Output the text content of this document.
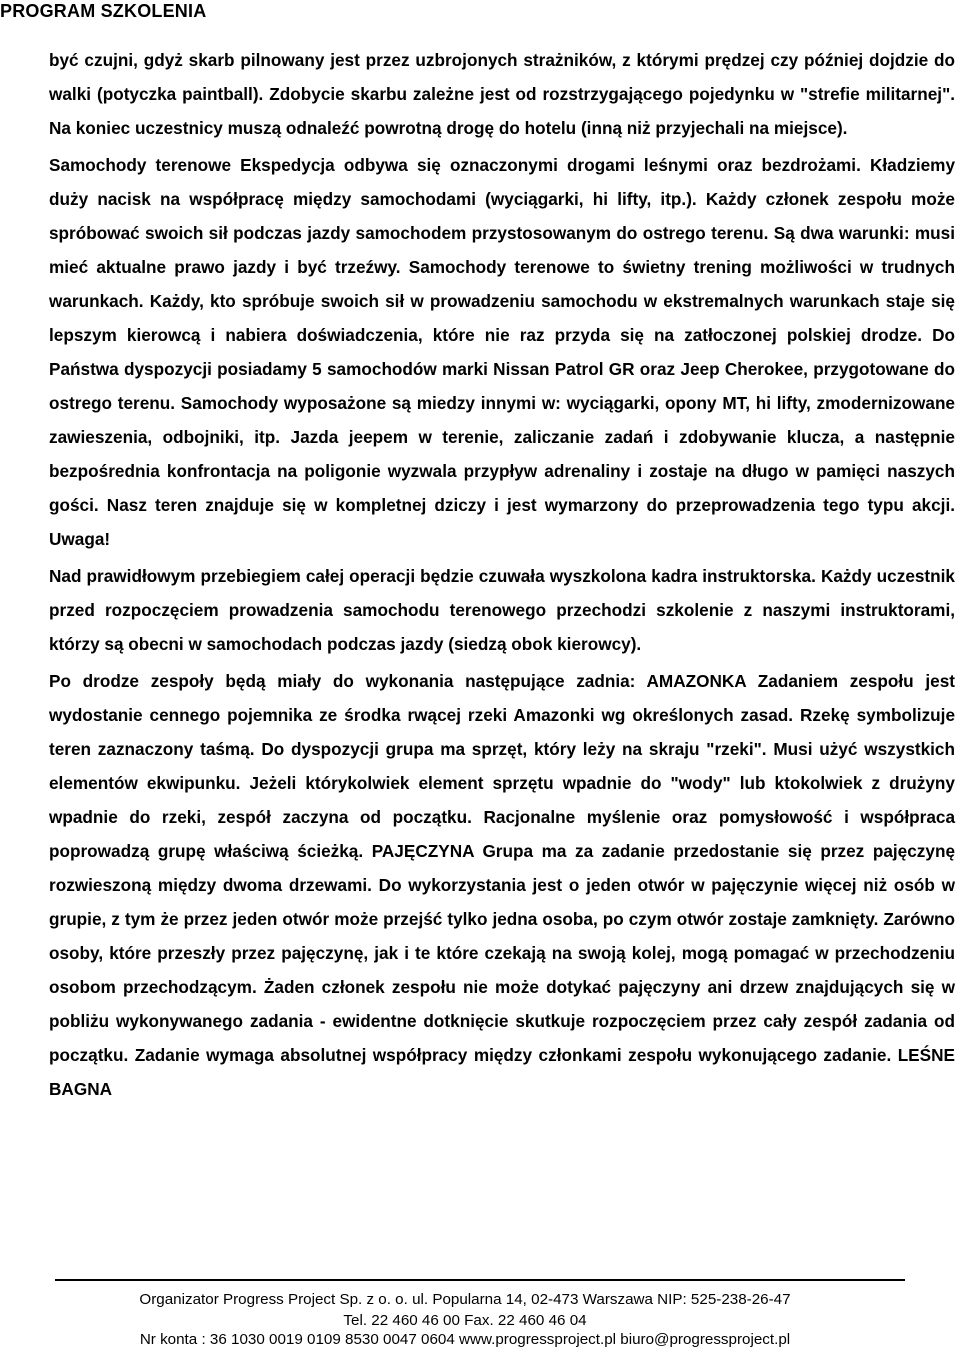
PROGRAM SZKOLENIA

być czujni, gdyż skarb pilnowany jest przez uzbrojonych strażników, z którymi prędzej czy później dojdzie do walki (potyczka paintball). Zdobycie skarbu zależne jest od rozstrzygającego pojedynku w "strefie militarnej". Na koniec uczestnicy muszą odnaleźć powrotną drogę do hotelu (inną niż przyjechali na miejsce).

Samochody terenowe Ekspedycja odbywa się oznaczonymi drogami leśnymi oraz bezdrożami. Kładziemy duży nacisk na współpracę między samochodami (wyciągarki, hi lifty, itp.). Każdy członek zespołu może spróbować swoich sił podczas jazdy samochodem przystosowanym do ostrego terenu. Są dwa warunki: musi mieć aktualne prawo jazdy i być trzeźwy. Samochody terenowe to świetny trening możliwości w trudnych warunkach. Każdy, kto spróbuje swoich sił w prowadzeniu samochodu w ekstremalnych warunkach staje się lepszym kierowcą i nabiera doświadczenia, które nie raz przyda się na zatłoczonej polskiej drodze. Do Państwa dyspozycji posiadamy 5 samochodów marki Nissan Patrol GR oraz Jeep Cherokee, przygotowane do ostrego terenu. Samochody wyposażone są miedzy innymi w: wyciągarki, opony MT, hi lifty, zmodernizowane zawieszenia, odbojniki, itp. Jazda jeepem w terenie, zaliczanie zadań i zdobywanie klucza, a następnie bezpośrednia konfrontacja na poligonie wyzwala przypływ adrenaliny i zostaje na długo w pamięci naszych gości. Nasz teren znajduje się w kompletnej dziczy i jest wymarzony do przeprowadzenia tego typu akcji. Uwaga!

Nad prawidłowym przebiegiem całej operacji będzie czuwała wyszkolona kadra instruktorska. Każdy uczestnik przed rozpoczęciem prowadzenia samochodu terenowego przechodzi szkolenie z naszymi instruktorami, którzy są obecni w samochodach podczas jazdy (siedzą obok kierowcy).

Po drodze zespoły będą miały do wykonania następujące zadnia: AMAZONKA Zadaniem zespołu jest wydostanie cennego pojemnika ze środka rwącej rzeki Amazonki wg określonych zasad. Rzekę symbolizuje teren zaznaczony taśmą. Do dyspozycji grupa ma sprzęt, który leży na skraju "rzeki". Musi użyć wszystkich elementów ekwipunku. Jeżeli którykolwiek element sprzętu wpadnie do "wody" lub ktokolwiek z drużyny wpadnie do rzeki, zespół zaczyna od początku. Racjonalne myślenie oraz pomysłowość i współpraca poprowadzą grupę właściwą ścieżką. PAJĘCZYNA Grupa ma za zadanie przedostanie się przez pajęczynę rozwieszoną między dwoma drzewami. Do wykorzystania jest o jeden otwór w pajęczynie więcej niż osób w grupie, z tym że przez jeden otwór może przejść tylko jedna osoba, po czym otwór zostaje zamknięty. Zarówno osoby, które przeszły przez pajęczynę, jak i te które czekają na swoją kolej, mogą pomagać w przechodzeniu osobom przechodzącym. Żaden członek zespołu nie może dotykać pajęczyny ani drzew znajdujących się w pobliżu wykonywanego zadania - ewidentne dotknięcie skutkuje rozpoczęciem przez cały zespół zadania od początku. Zadanie wymaga absolutnej współpracy między członkami zespołu wykonującego zadanie. LEŚNE BAGNA

Organizator Progress Project Sp. z o. o. ul. Popularna 14, 02-473 Warszawa NIP: 525-238-26-47
Tel. 22 460 46 00 Fax. 22 460 46 04
Nr konta : 36 1030 0019 0109 8530 0047 0604 www.progressproject.pl biuro@progressproject.pl
